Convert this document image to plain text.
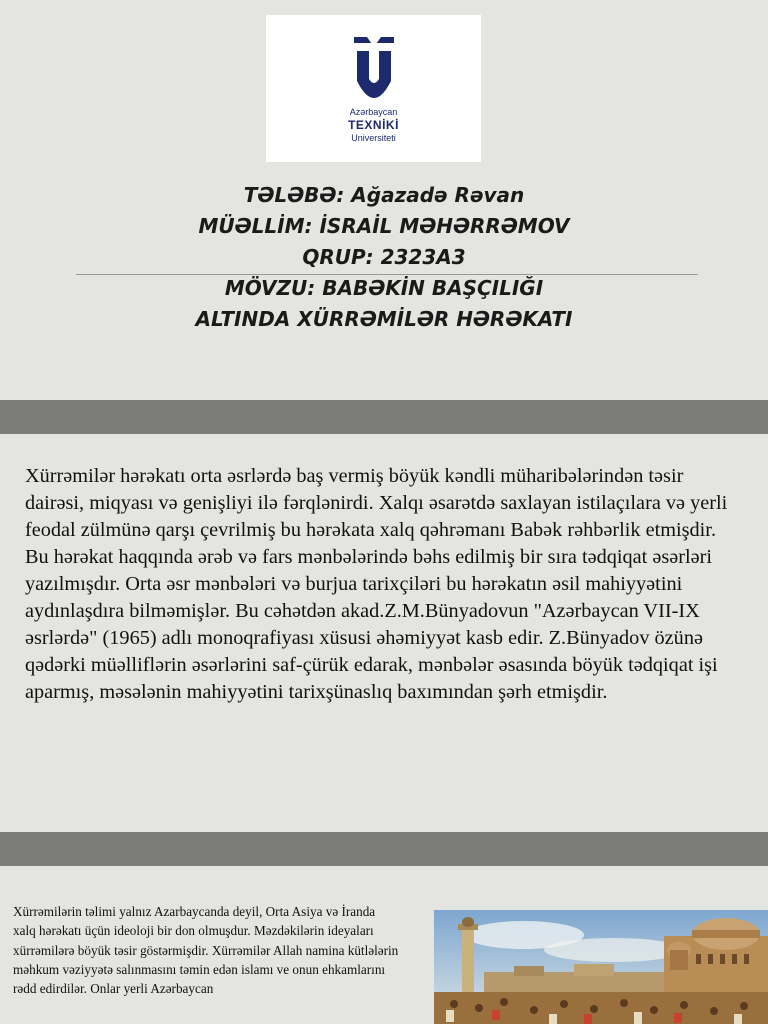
Azərbaycan
TEXNİKİ
Universiteti
TƏLƏBƏ: Ağazadə Rəvan
MÜƏLLİM: İSRAİL MƏHƏRRƏMOV
QRUP: 2323A3
MÖVZU: BABƏKİN BAŞÇILIĞI
ALTINDA XÜRRƏMİLƏR HƏRƏKATI
Xürrəmilər hərəkatı orta əsrlərdə baş vermiş böyük kəndli müharibələrindən təsir dairəsi, miqyası və genişliyi ilə fərqlənirdi. Xalqı əsarətdə saxlayan istilaçılara və yerli feodal zülmünə qarşı çevrilmiş bu hərəkata xalq qəhrəmanı Babək rəhbərlik etmişdir. Bu hərəkat haqqında ərəb və fars mənbələrində bəhs edilmiş bir sıra tədqiqat əsərləri yazılmışdır. Orta əsr mənbələri və burjua tarixçiləri bu hərəkatın əsil mahiyyətini aydınlaşdıra bilməmişlər. Bu cəhətdən akad.Z.M.Bünyadovun "Azərbaycan VII-IX əsrlərdə" (1965) adlı monoqrafiyası xüsusi əhəmiyyət kasb edir. Z.Bünyadov özünə qədərki müəlliflərin əsərlərini saf-çürük edarak, mənbələr əsasında böyük tədqiqat işi aparmış, məsələnin mahiyyətini tarixşünaslıq baxımından şərh etmişdir.
Xürrəmilərin təlimi yalnız Azarbaycanda deyil, Orta Asiya və İranda xalq hərəkatı üçün ideoloji bir don olmuşdur. Məzdəkilərin ideyaları xürrəmilərə böyük təsir göstərmişdir. Xürrəmilər Allah namina kütlələrin məhkum vəziyyətə salınmasını təmin edən islamı ve onun ehkamlarını rədd edirdilər. Onlar yerli Azərbaycan
